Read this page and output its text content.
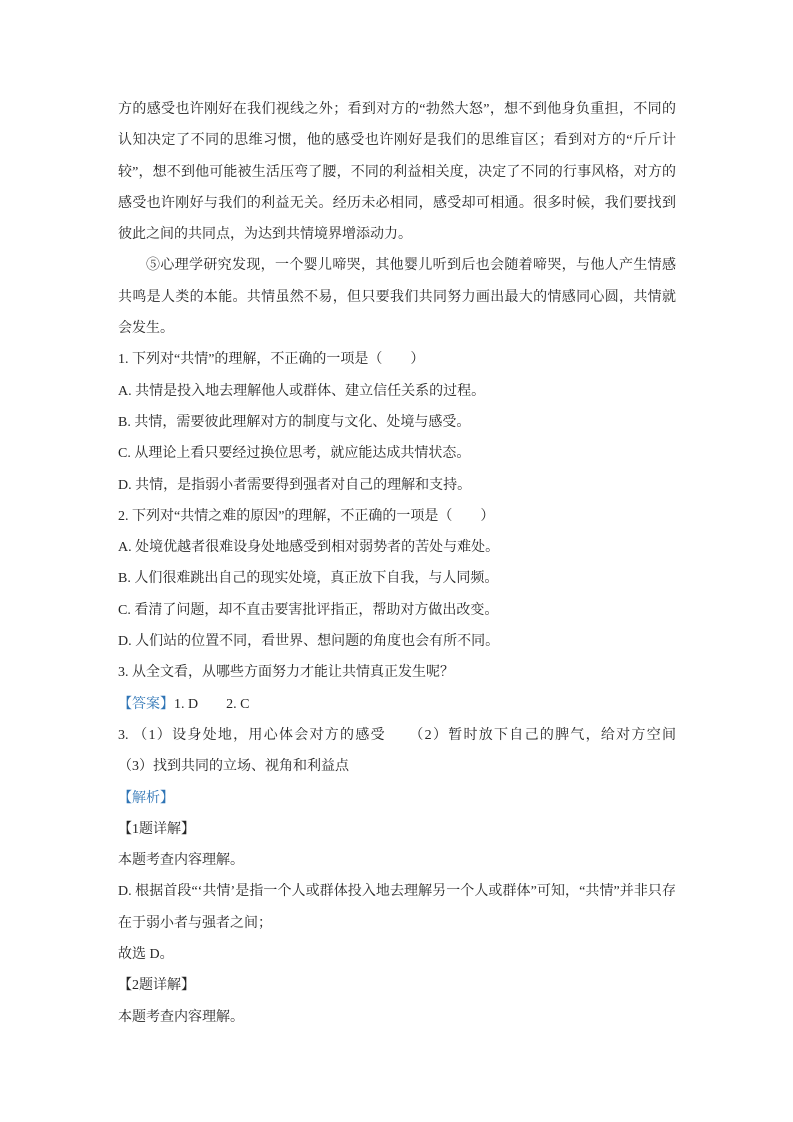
方的感受也许刚好在我们视线之外；看到对方的“勃然大怒”，想不到他身负重担，不同的认知决定了不同的思维习惯，他的感受也许刚好是我们的思维盲区；看到对方的“斤斤计较”，想不到他可能被生活压弯了腰，不同的利益相关度，决定了不同的行事风格，对方的感受也许刚好与我们的利益无关。经历未必相同，感受却可相通。很多时候，我们要找到彼此之间的共同点，为达到共情境界增添动力。

⑤心理学研究发现，一个婴儿啼哭，其他婴儿听到后也会随着啼哭，与他人产生情感共鸣是人类的本能。共情虽然不易，但只要我们共同努力画出最大的情感同心圆，共情就会发生。

1. 下列对“共情”的理解，不正确的一项是（　　）

A. 共情是投入地去理解他人或群体、建立信任关系的过程。

B. 共情，需要彼此理解对方的制度与文化、处境与感受。

C. 从理论上看只要经过换位思考，就应能达成共情状态。

D. 共情，是指弱小者需要得到强者对自己的理解和支持。

2. 下列对“共情之难的原因”的理解，不正确的一项是（　　）

A. 处境优越者很难设身处地感受到相对弱势者的苦处与难处。

B. 人们很难跳出自己的现实处境，真正放下自我，与人同频。

C. 看清了问题，却不直击要害批评指正，帮助对方做出改变。

D. 人们站的位置不同，看世界、想问题的角度也会有所不同。

3. 从全文看，从哪些方面努力才能让共情真正发生呢？

【答案】1. D　　2. C

3. （1）设身处地，用心体会对方的感受　　（2）暂时放下自己的脾气，给对方空间　　（3）找到共同的立场、视角和利益点

【解析】

【1题详解】

本题考查内容理解。

D. 根据首段“‘共情’是指一个人或群体投入地去理解另一个人或群体”可知，“共情”并非只存在于弱小者与强者之间；

故选 D。

【2题详解】

本题考查内容理解。
